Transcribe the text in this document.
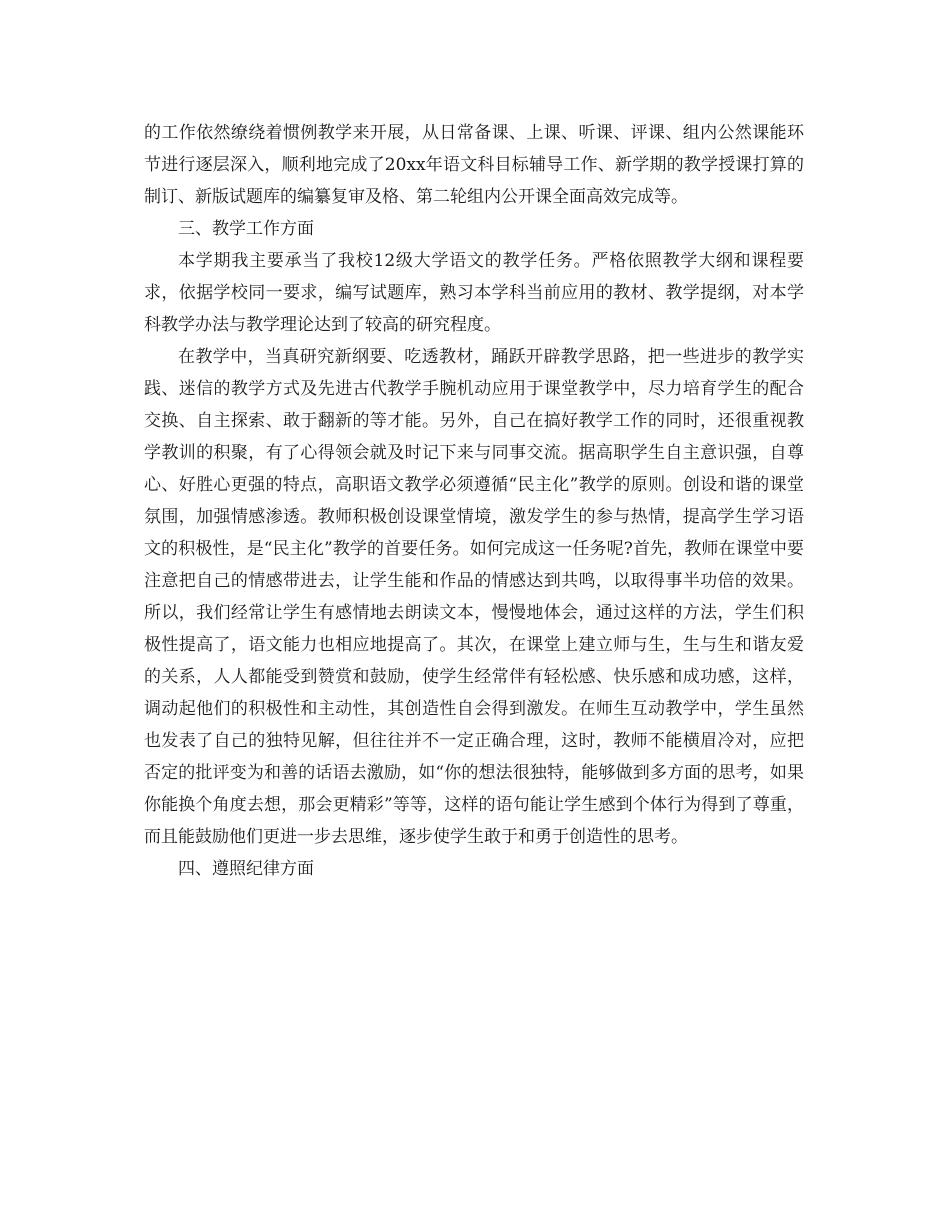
的工作依然缭绕着惯例教学来开展，从日常备课、上课、听课、评课、组内公然课能环节进行逐层深入，顺利地完成了20xx年语文科目标辅导工作、新学期的教学授课打算的制订、新版试题库的编纂复审及格、第二轮组内公开课全面高效完成等。

三、教学工作方面

本学期我主要承当了我校12级大学语文的教学任务。严格依照教学大纲和课程要求，依据学校同一要求，编写试题库，熟习本学科当前应用的教材、教学提纲，对本学科教学办法与教学理论达到了较高的研究程度。

在教学中，当真研究新纲要、吃透教材，踊跃开辟教学思路，把一些进步的教学实践、迷信的教学方式及先进古代教学手腕机动应用于课堂教学中，尽力培育学生的配合交换、自主探索、敢于翻新的等才能。另外，自己在搞好教学工作的同时，还很重视教学教训的积聚，有了心得领会就及时记下来与同事交流。据高职学生自主意识强，自尊心、好胜心更强的特点，高职语文教学必须遵循“民主化”教学的原则。创设和谐的课堂氛围，加强情感渗透。教师积极创设课堂情境，激发学生的参与热情，提高学生学习语文的积极性，是“民主化”教学的首要任务。如何完成这一任务呢?首先，教师在课堂中要注意把自己的情感带进去，让学生能和作品的情感达到共鸣，以取得事半功倍的效果。所以，我们经常让学生有感情地去朗读文本，慢慢地体会，通过这样的方法，学生们积极性提高了，语文能力也相应地提高了。其次，在课堂上建立师与生，生与生和谐友爱的关系，人人都能受到赞赏和鼓励，使学生经常伴有轻松感、快乐感和成功感，这样，调动起他们的积极性和主动性，其创造性自会得到激发。在师生互动教学中，学生虽然也发表了自己的独特见解，但往往并不一定正确合理，这时，教师不能横眉冷对，应把否定的批评变为和善的话语去激励，如“你的想法很独特，能够做到多方面的思考，如果你能换个角度去想，那会更精彩”等等，这样的语句能让学生感到个体行为得到了尊重，而且能鼓励他们更进一步去思维，逐步使学生敢于和勇于创造性的思考。

四、遵照纪律方面
